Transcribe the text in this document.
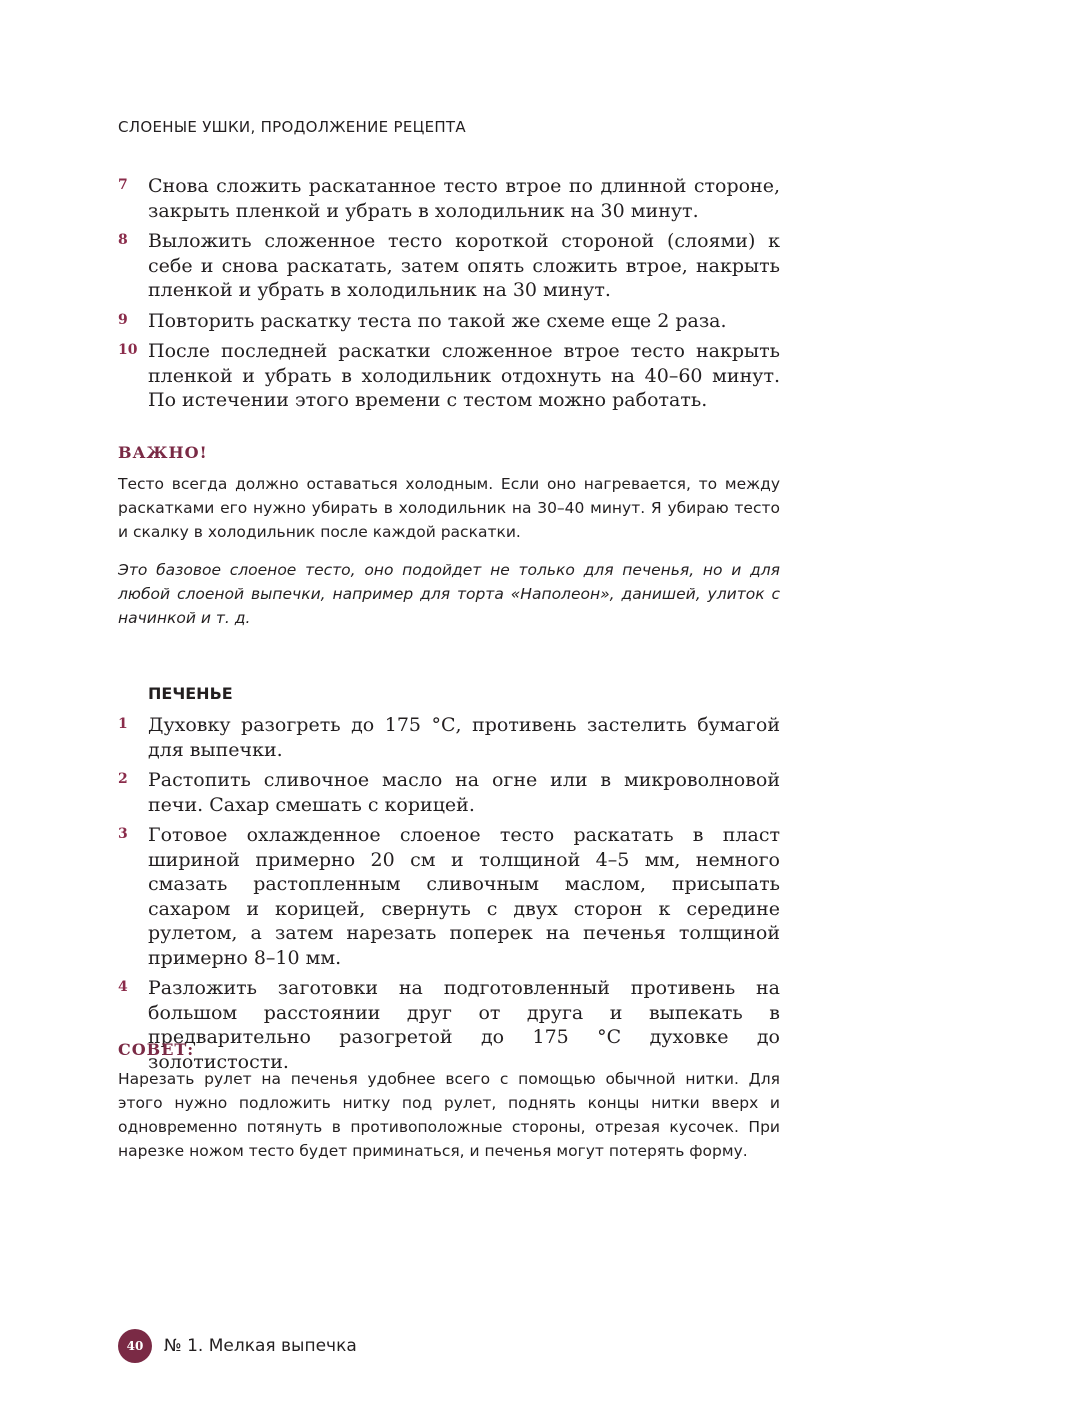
СЛОЕНЫЕ УШКИ, ПРОДОЛЖЕНИЕ РЕЦЕПТА
7 Снова сложить раскатанное тесто втрое по длинной стороне, закрыть пленкой и убрать в холодильник на 30 минут.
8 Выложить сложенное тесто короткой стороной (слоями) к себе и снова раскатать, затем опять сложить втрое, накрыть пленкой и убрать в холодильник на 30 минут.
9 Повторить раскатку теста по такой же схеме еще 2 раза.
10 После последней раскатки сложенное втрое тесто накрыть пленкой и убрать в холодильник отдохнуть на 40–60 минут. По истечении этого времени с тестом можно работать.
ВАЖНО!
Тесто всегда должно оставаться холодным. Если оно нагревается, то между раскатками его нужно убирать в холодильник на 30–40 минут. Я убираю тесто и скалку в холодильник после каждой раскатки.
Это базовое слоеное тесто, оно подойдет не только для печенья, но и для любой слоеной выпечки, например для торта «Наполеон», данишей, улиток с начинкой и т. д.
ПЕЧЕНЬЕ
1 Духовку разогреть до 175 °С, противень застелить бумагой для выпечки.
2 Растопить сливочное масло на огне или в микроволновой печи. Сахар смешать с корицей.
3 Готовое охлажденное слоеное тесто раскатать в пласт шириной примерно 20 см и толщиной 4–5 мм, немного смазать растопленным сливочным маслом, присыпать сахаром и корицей, свернуть с двух сторон к середине рулетом, а затем нарезать поперек на печенья толщиной примерно 8–10 мм.
4 Разложить заготовки на подготовленный противень на большом расстоянии друг от друга и выпекать в предварительно разогретой до 175 °С духовке до золотистости.
СОВЕТ:
Нарезать рулет на печенья удобнее всего с помощью обычной нитки. Для этого нужно подложить нитку под рулет, поднять концы нитки вверх и одновременно потянуть в противоположные стороны, отрезая кусочек. При нарезке ножом тесто будет приминаться, и печенья могут потерять форму.
40	№ 1. Мелкая выпечка
